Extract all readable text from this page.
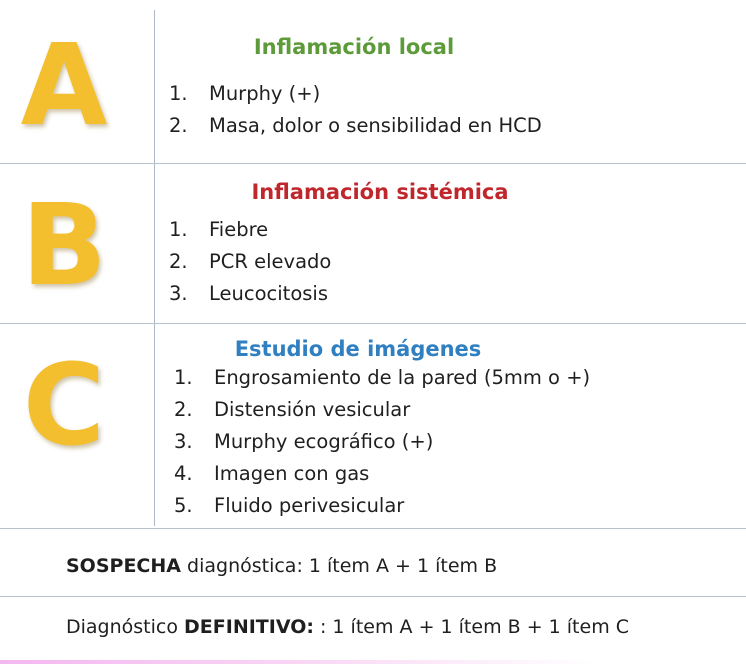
A	Inflamación local
1. Murphy (+)
2. Masa, dolor o sensibilidad en HCD
B	Inflamación sistémica
1. Fiebre
2. PCR elevado
3. Leucocitosis
C	Estudio de imágenes
1. Engrosamiento de la pared (5mm o +)
2. Distensión vesicular
3. Murphy ecográfico (+)
4. Imagen con gas
5. Fluido perivesicular
SOSPECHA diagnóstica: 1 ítem A + 1 ítem B
Diagnóstico DEFINITIVO: : 1 ítem A + 1 ítem B + 1 ítem C
